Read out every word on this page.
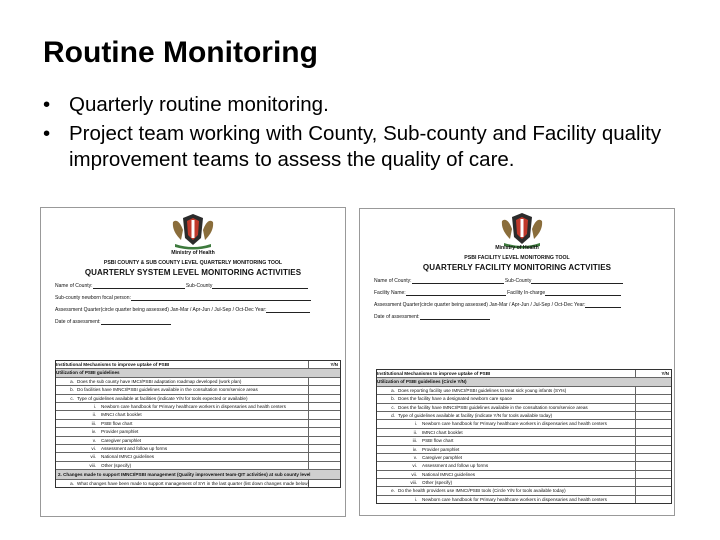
Routine Monitoring
• Quarterly routine monitoring.
• Project team working with County, Sub-county and Facility quality improvement teams to assess the quality of care.
Ministry of Health
PSBI COUNTY & SUB COUNTY LEVEL QUARTERLY MONITORING TOOL
QUARTERLY SYSTEM LEVEL MONITORING ACTIVITIES
Name of County:	Sub-County
Sub-county newborn focal person:
Assessment Quarter(circle quarter being assessed) Jan-Mar / Apr-Jun / Jul-Sep / Oct-Dec Year:
Date of assessment:
Institutional Mechanisms to improve uptake of PSBI	Y/N
Utilization of PSBI guidelines
a. Does the sub county have IMCI/PSBI adaptation roadmap developed (work plan)
b. Do facilities have IMNCI/PSBI guidelines available in the consultation room/service areas
c. Type of guidelines available at facilities (indicate Y/N for tools expected or available)
i. Newborn care handbook for Primary healthcare workers in dispensaries and health centers
ii. IMNCI chart booklet
iii. PSBI flow chart
iv. Provider pamphlet
v. Caregiver pamphlet
vi. Assessment and follow up forms
vii. National IMNCI guidelines
viii. Other (specify)
2. Changes made to support IMNCI/PSBI management (Quality improvement team-QIT activities) at sub county level
a. What changes have been made to support management of SYI in the last quarter (list down changes made below)
Ministry of Health
PSBI FACILITY LEVEL MONITORING TOOL
QUARTERLY FACILITY MONITORING ACTVITIES
Name of County:	Sub-County
Facility Name:	Facility In-charge
Assessment Quarter(circle quarter being assessed) Jan-Mar / Apr-Jun / Jul-Sep / Oct-Dec Year:
Date of assessment:
Institutional Mechanisms to improve uptake of PSBI	Y/N
Utilization of PSBI guidelines (Circle Y/N)
a. Does reporting facility use IMNCI/PSBI guidelines to treat sick young infants (SYIs)
b. Does the facility have a designated newborn care space
c. Does the facility have IMNCI/PSBI guidelines available in the consultation room/service areas
d. Type of guidelines available at facility (indicate Y/N for tools available today)
i. Newborn care handbook for Primary healthcare workers in dispensaries and health centers
ii. IMNCI chart booklet
iii. PSBI flow chart
iv. Provider pamphlet
v. Caregiver pamphlet
vi. Assessment and follow up forms
vii. National IMNCI guidelines
viii. Other (specify)
e. Do the health providers use IMNCI/PSBI tools (Circle Y/N for tools available today)
i. Newborn care handbook for Primary healthcare workers in dispensaries and health centers
